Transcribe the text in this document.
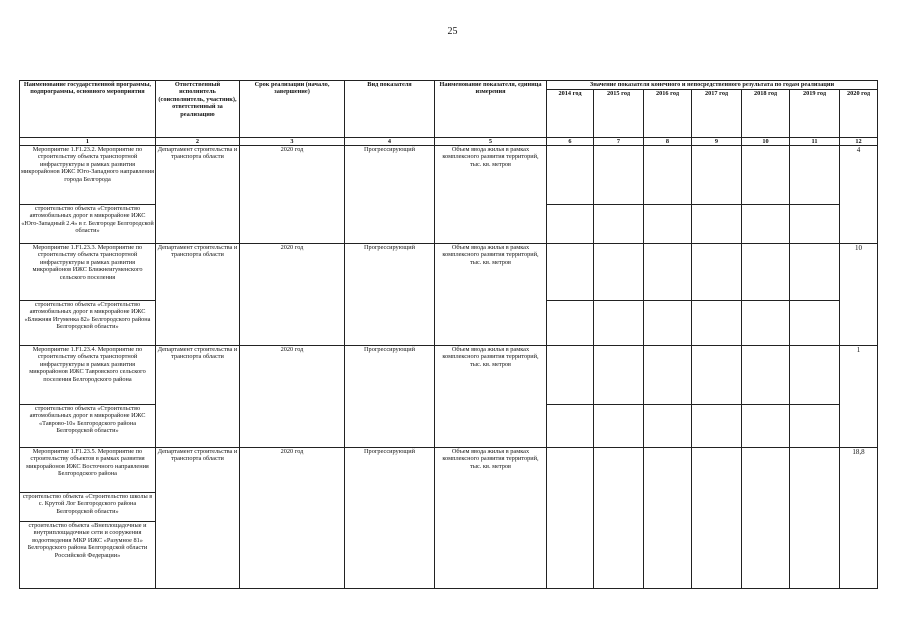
25
Наименование государственной программы, подпрограммы, основного мероприятия	Ответственный исполнитель (соисполнитель, участник), ответственный за реализацию	Срок реализации (начало, завершение)	Вид показателя	Наименование показателя, единица измерения	Значение показателя конечного и непосредственного результата по годам реализации						
					2014 год	2015 год	2016 год	2017 год	2018 год	2019 год	2020 год
1	2	3	4	5	6	7	8	9	10	11	12
Мероприятие 1.F1.23.2. Мероприятие по строительству объекта транспортной инфраструктуры в рамках развития микрорайонов ИЖС Юго-Западного направления города Белгорода	Департамент строительства и транспорта области	2020 год	Прогрессирующий	Объем ввода жилья в рамках комплексного развития территорий, тыс. кв. метров							4
строительство объекта «Строительство автомобильных дорог в микрорайоне ИЖС «Юго-Западный 2.4» в г. Белгороде Белгородской области»											
Мероприятие 1.F1.23.3. Мероприятие по строительству объекта транспортной инфраструктуры в рамках развития микрорайонов ИЖС Ближнеигуменского сельского поселения	Департамент строительства и транспорта области	2020 год	Прогрессирующий	Объем ввода жилья в рамках комплексного развития территорий, тыс. кв. метров							10
строительство объекта «Строительство автомобильных дорог в микрорайоне ИЖС «Ближняя Игуменка 82» Белгородского района Белгородской области»											
Мероприятие 1.F1.23.4. Мероприятие по строительству объекта транспортной инфраструктуры в рамках развития микрорайонов ИЖС Тавровского сельского поселения Белгородского района	Департамент строительства и транспорта области	2020 год	Прогрессирующий	Объем ввода жилья в рамках комплексного развития территорий, тыс. кв. метров							1
строительство объекта «Строительство автомобильных дорог в микрорайоне ИЖС «Таврово-10» Белгородского района Белгородской области»											
Мероприятие 1.F1.23.5. Мероприятие по строительству объектов в рамках развития микрорайонов ИЖС Восточного направления Белгородского района	Департамент строительства и транспорта области	2020 год	Прогрессирующий	Объем ввода жилья в рамках комплексного развития территорий, тыс. кв. метров							18,8
строительство объекта «Строительство школы в с. Крутой Лог Белгородского района Белгородской области»											
строительство объекта «Внеплощадочные и внутриплощадочные сети и сооружения водоотведения МКР ИЖС «Разумное 81» Белгородского района Белгородской области Российской Федерации»											
